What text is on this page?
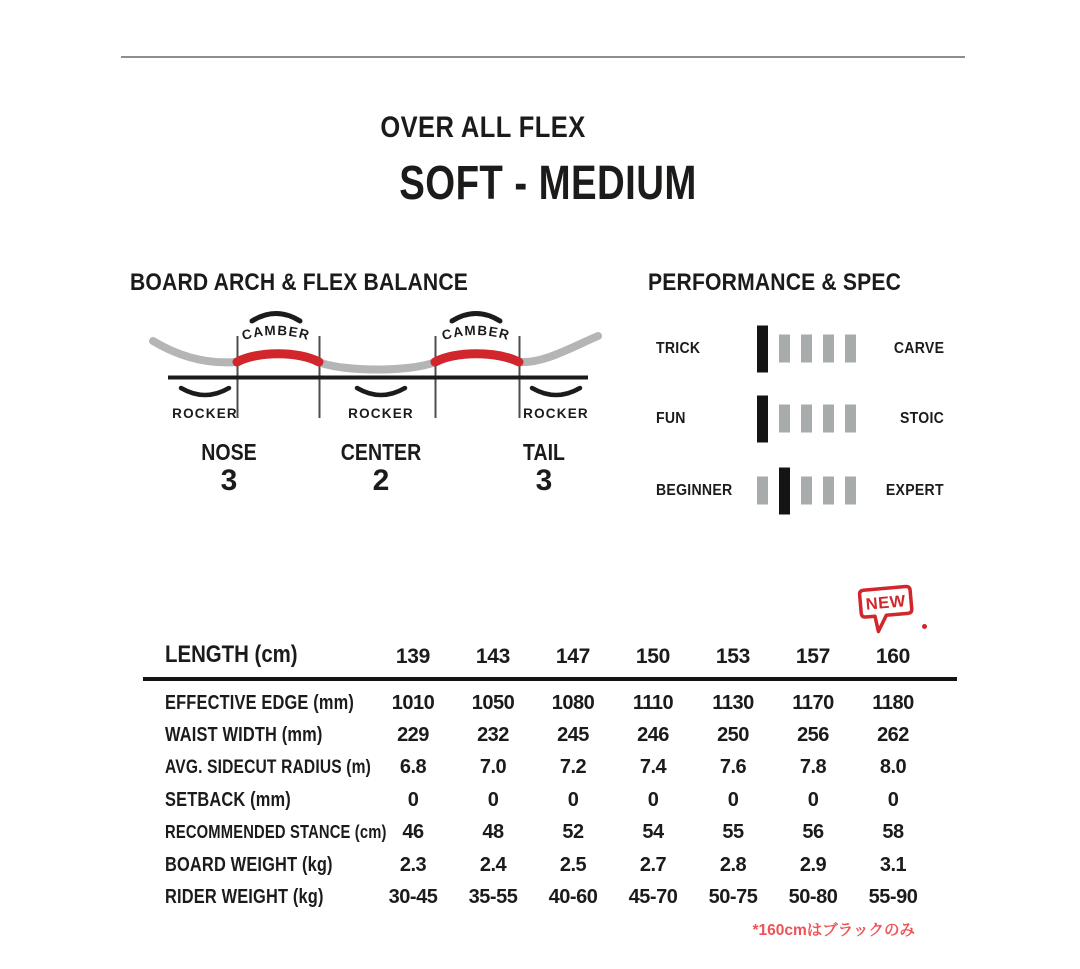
OVER ALL FLEX
SOFT - MEDIUM
BOARD ARCH & FLEX BALANCE	PERFORMANCE & SPEC
CAMBER	CAMBER
ROCKER	ROCKER	ROCKER
NOSE
3
CENTER
2
TAIL
3
TRICK	CARVE
FUN	STOIC
BEGINNER	EXPERT
NEW
LENGTH (cm)	139	143	147	150	153	157	160
EFFECTIVE EDGE (mm)	1010	1050	1080	1110	1130	1170	1180
WAIST WIDTH (mm)	229	232	245	246	250	256	262
AVG. SIDECUT RADIUS (m)	6.8	7.0	7.2	7.4	7.6	7.8	8.0
SETBACK (mm)	0	0	0	0	0	0	0
RECOMMENDED STANCE (cm) 46	48	52	54	55	56	58
BOARD WEIGHT (kg)	2.3	2.4	2.5	2.7	2.8	2.9	3.1
RIDER WEIGHT (kg)	30-45	35-55	40-60	45-70	50-75	50-80	55-90
*160cmはブラックのみ
